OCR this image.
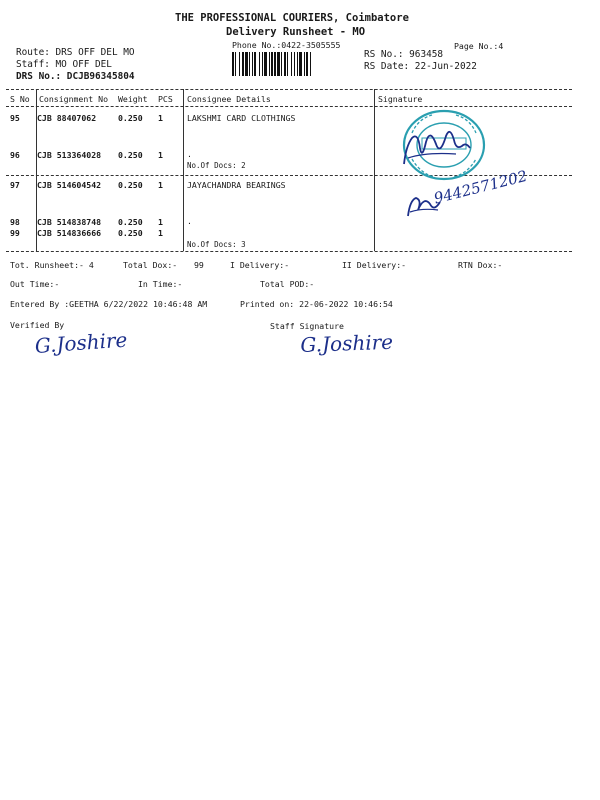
THE PROFESSIONAL COURIERS, Coimbatore
Delivery Runsheet - MO
Phone No.:0422-3505555	Page No.:4
Route: DRS OFF DEL MO
Staff: MO OFF DEL
DRS No.: DCJB96345804
RS No.: 963458
RS Date: 22-Jun-2022
S No Consignment No Weight PCS Consignee Details	Signature
95 CJB 88407062	0.250 1	LAKSHMI CARD CLOTHINGS
96 CJB 513364028 0.250 1	.
No.Of Docs: 2
97 CJB 514604542 0.250 1	JAYACHANDRA BEARINGS
98 CJB 514838748 0.250 1	.
99 CJB 514836666 0.250 1
No.Of Docs: 3
9442571202
Tot. Runsheet:- 4	Total Dox:- 99	I Delivery:-	II Delivery:-	RTN Dox:-
Out Time:-	In Time:-	Total POD:-
Entered By :GEETHA 6/22/2022 10:46:48 AM	Printed on: 22-06-2022 10:46:54
Verified By	Staff Signature
G.Joshire	G.Joshire
